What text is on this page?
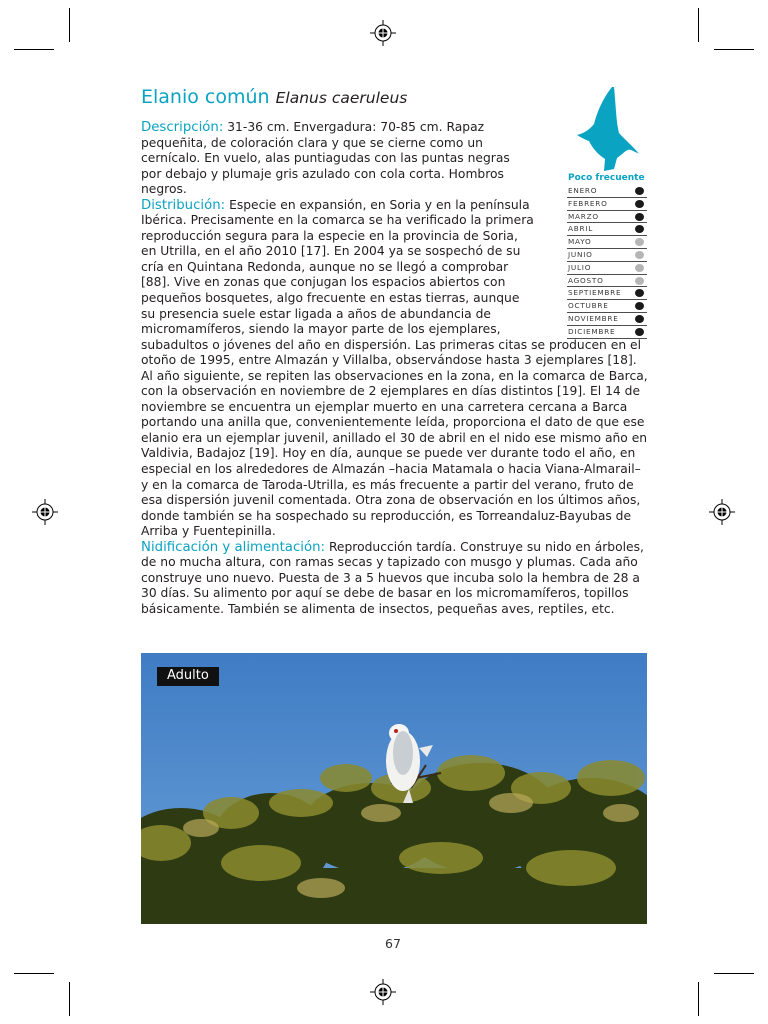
Elanio común Elanus caeruleus
Poco frecuente
ENERO
FEBRERO
MARZO
ABRIL
MAYO
JUNIO
JULIO
AGOSTO
SEPTIEMBRE
OCTUBRE
NOVIEMBRE
DICIEMBRE

Descripción: 31-36 cm. Envergadura: 70-85 cm. Rapaz pequeñita, de coloración clara y que se cierne como un cernícalo. En vuelo, alas puntiagudas con las puntas negras por debajo y plumaje gris azulado con cola corta. Hombros negros.

Distribución: Especie en expansión, en Soria y en la península Ibérica. Precisamente en la comarca se ha verificado la primera reproducción segura para la especie en la provincia de Soria, en Utrilla, en el año 2010 [17]. En 2004 ya se sospechó de su cría en Quintana Redonda, aunque no se llegó a comprobar [88]. Vive en zonas que conjugan los espacios abiertos con pequeños bosquetes, algo frecuente en estas tierras, aunque su presencia suele estar ligada a años de abundancia de micromamíferos, siendo la mayor parte de los ejemplares, subadultos o jóvenes del año en dispersión. Las primeras citas se producen en el otoño de 1995, entre Almazán y Villalba, observándose hasta 3 ejemplares [18]. Al año siguiente, se repiten las observaciones en la zona, en la comarca de Barca, con la observación en noviembre de 2 ejemplares en días distintos [19]. El 14 de noviembre se encuentra un ejemplar muerto en una carretera cercana a Barca portando una anilla que, convenientemente leída, proporciona el dato de que ese elanio era un ejemplar juvenil, anillado el 30 de abril en el nido ese mismo año en Valdivia, Badajoz [19]. Hoy en día, aunque se puede ver durante todo el año, en especial en los alrededores de Almazán –hacia Matamala o hacia Viana-Almarail– y en la comarca de Taroda-Utrilla, es más frecuente a partir del verano, fruto de esa dispersión juvenil comentada. Otra zona de observación en los últimos años, donde también se ha sospechado su reproducción, es Torreandaluz-Bayubas de Arriba y Fuentepinilla.

Nidificación y alimentación: Reproducción tardía. Construye su nido en árboles, de no mucha altura, con ramas secas y tapizado con musgo y plumas. Cada año construye uno nuevo. Puesta de 3 a 5 huevos que incuba solo la hembra de 28 a 30 días. Su alimento por aquí se debe de basar en los micromamíferos, topillos básicamente. También se alimenta de insectos, pequeñas aves, reptiles, etc.

Adulto
67
